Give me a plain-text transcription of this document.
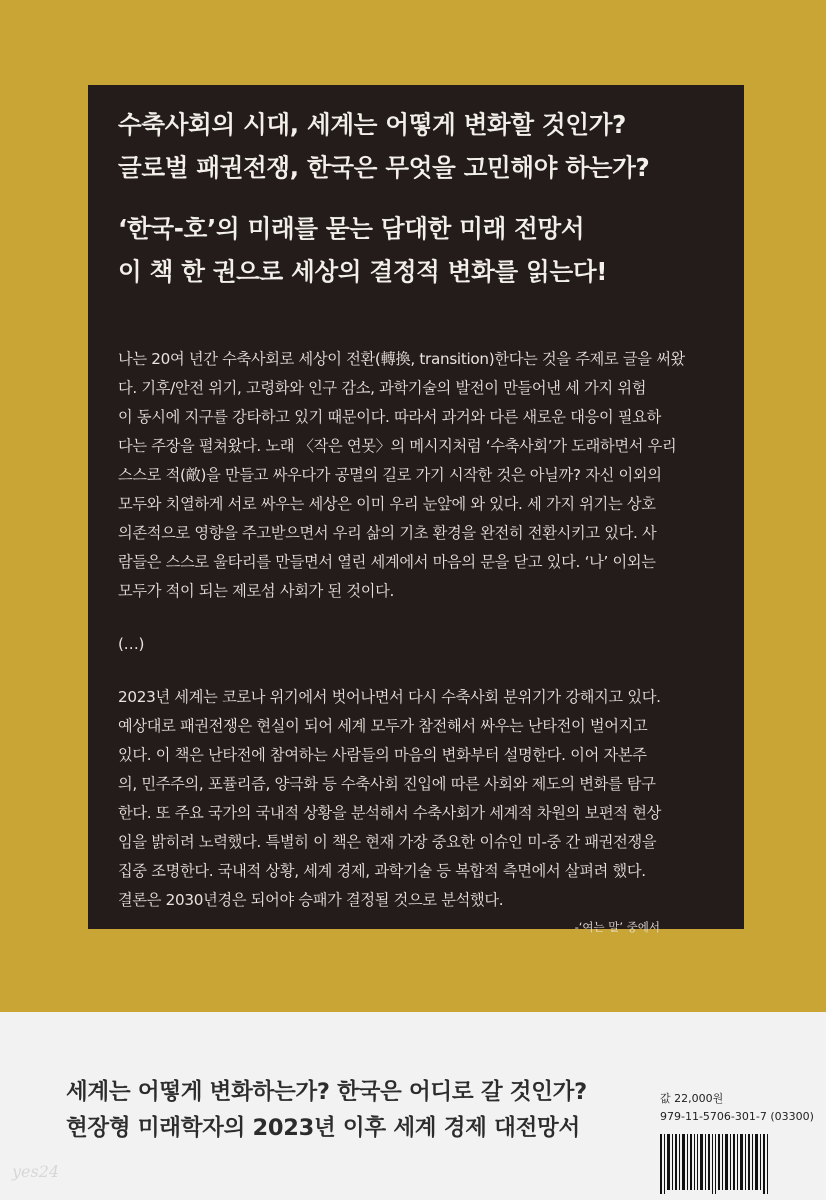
수축사회의 시대, 세계는 어떻게 변화할 것인가?

글로벌 패권전쟁, 한국은 무엇을 고민해야 하는가?

‘한국-호’의 미래를 묻는 담대한 미래 전망서

이 책 한 권으로 세상의 결정적 변화를 읽는다!

나는 20여 년간 수축사회로 세상이 전환(轉換, transition)한다는 것을 주제로 글을 써왔

다. 기후/안전 위기, 고령화와 인구 감소, 과학기술의 발전이 만들어낸 세 가지 위험

이 동시에 지구를 강타하고 있기 때문이다. 따라서 과거와 다른 새로운 대응이 필요하

다는 주장을 펼쳐왔다. 노래 〈작은 연못〉의 메시지처럼 ‘수축사회’가 도래하면서 우리

스스로 적(敵)을 만들고 싸우다가 공멸의 길로 가기 시작한 것은 아닐까? 자신 이외의

모두와 치열하게 서로 싸우는 세상은 이미 우리 눈앞에 와 있다. 세 가지 위기는 상호

의존적으로 영향을 주고받으면서 우리 삶의 기초 환경을 완전히 전환시키고 있다. 사

람들은 스스로 울타리를 만들면서 열린 세계에서 마음의 문을 닫고 있다. ‘나’ 이외는

모두가 적이 되는 제로섬 사회가 된 것이다.

(…)

2023년 세계는 코로나 위기에서 벗어나면서 다시 수축사회 분위기가 강해지고 있다.

예상대로 패권전쟁은 현실이 되어 세계 모두가 참전해서 싸우는 난타전이 벌어지고

있다. 이 책은 난타전에 참여하는 사람들의 마음의 변화부터 설명한다. 이어 자본주

의, 민주주의, 포퓰리즘, 양극화 등 수축사회 진입에 따른 사회와 제도의 변화를 탐구

한다. 또 주요 국가의 국내적 상황을 분석해서 수축사회가 세계적 차원의 보편적 현상

임을 밝히려 노력했다. 특별히 이 책은 현재 가장 중요한 이슈인 미-중 간 패권전쟁을

집중 조명한다. 국내적 상황, 세계 경제, 과학기술 등 복합적 측면에서 살펴려 했다.

결론은 2030년경은 되어야 승패가 결정될 것으로 분석했다.

-‘여는 말’ 중에서
세계는 어떻게 변화하는가? 한국은 어디로 갈 것인가?
현장형 미래학자의 2023년 이후 세계 경제 대전망서
값 22,000원
979-11-5706-301-7 (03300)
yes24
